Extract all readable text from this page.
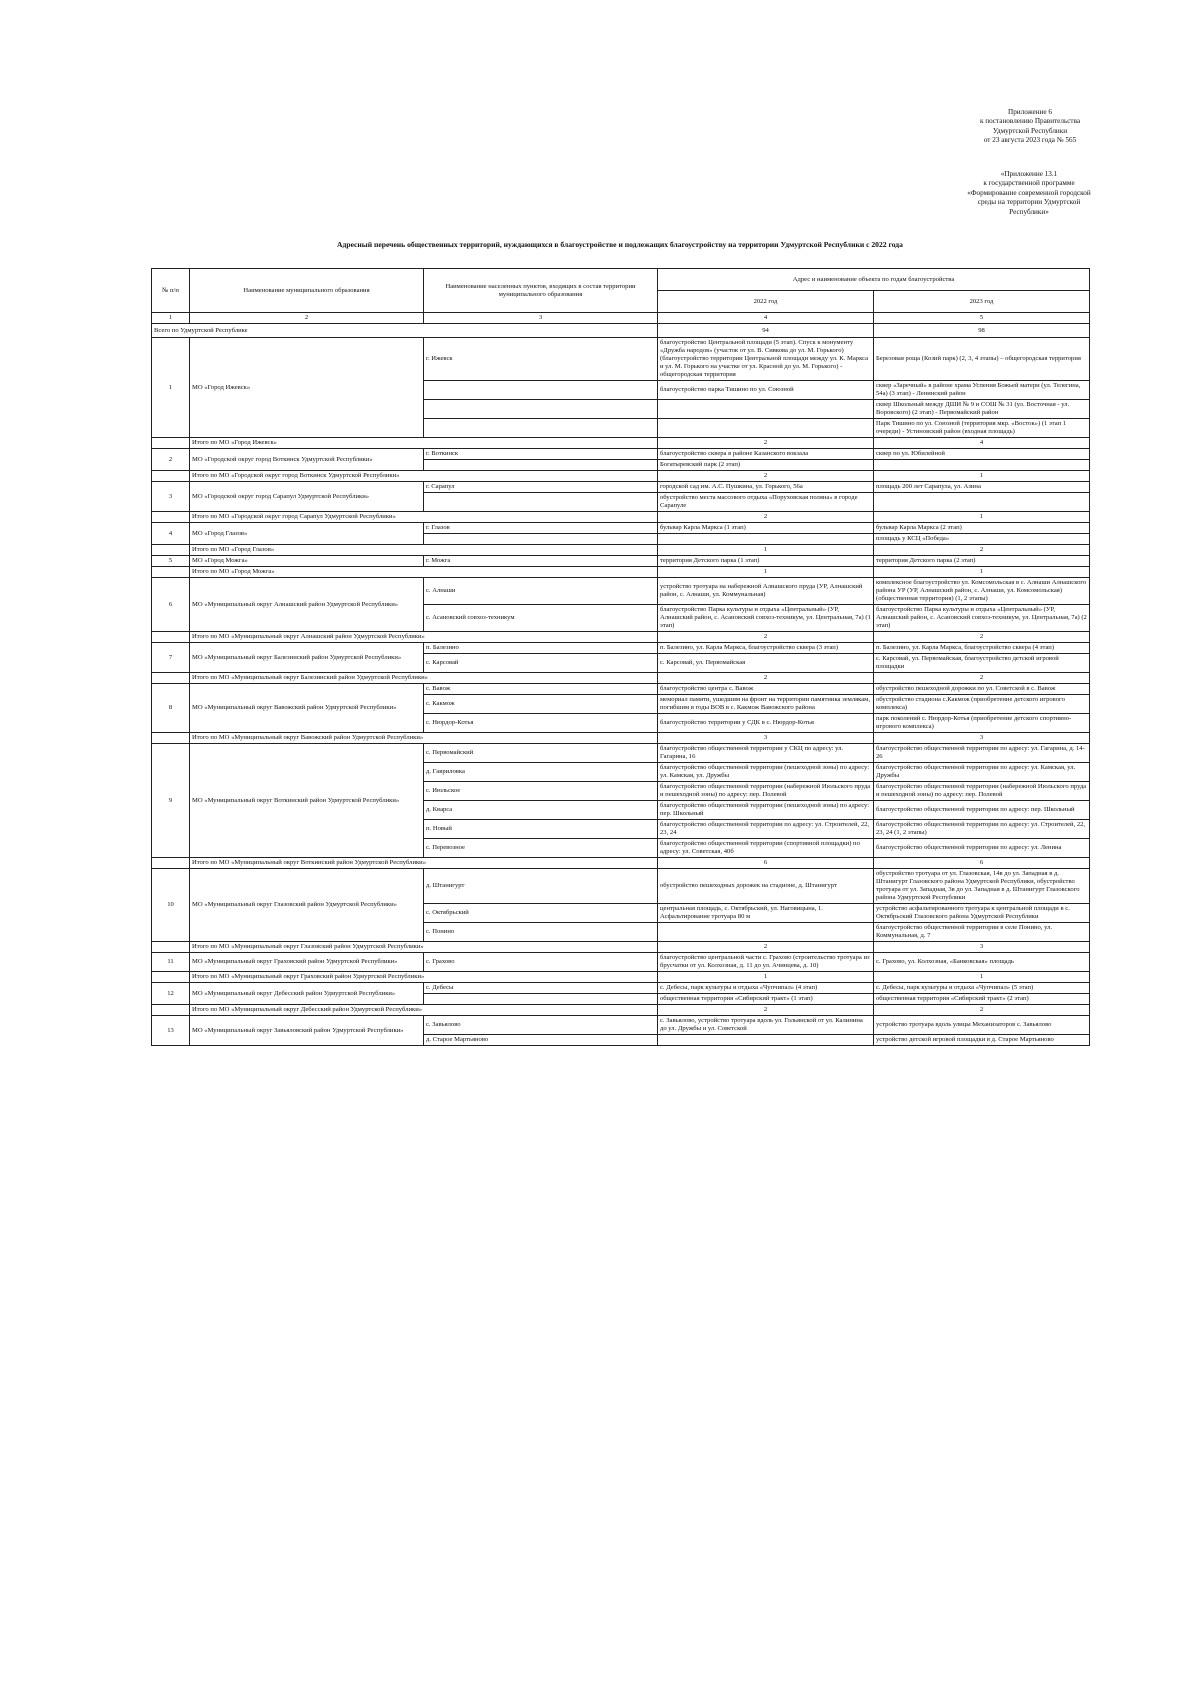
Приложение 6
к постановлению Правительства
Удмуртской Республики
от 23 августа 2023 года № 565
«Приложение 13.1
к государственной программе
«Формирование современной городской
среды на территории Удмуртской
Республики»
Адресный перечень общественных территорий, нуждающихся в благоустройстве и подлежащих благоустройству на территории Удмуртской Республики с 2022 года
№ п/п	Наименование муниципального образования	Наименование населенных пунктов, входящих в состав территории муниципального образования	Адрес и наименование объекта по годам благоустройства	
			2022 год	2023 год
1	2	3	4	5
Всего по Удмуртской Республике			94	98
1	МО «Город Ижевск»	г. Ижевск	благоустройство Центральной площади (5 этап). Спуск к монументу «Дружба народов» (участок от ул. В. Сивкова до ул. М. Горького) (благоустройство территории Центральной площади между ул. К. Маркса и ул. М. Горького на участке от ул. Красной до ул. М. Горького) - общегородская территория	Березовая роща (Козий парк) (2, 3, 4 этапы) – общегородская территория
			благоустройство парка Тишино по ул. Союзной	сквер «Заречный» в районе храма Успения Божьей матери (ул. Телегина, 54а) (3 этап) - Ленинский район
				сквер Школьный между ДШИ № 9 и СОШ № 31 (ул. Восточная - ул. Воровского) (2 этап) - Первомайский район
				Парк Тишино по ул. Союзной (территория мкр. «Восток») (1 этап 1 очереди) - Устиновский район (входная площадь)
	Итого по МО «Город Ижевск»		2	4
2	МО «Городской округ город Воткинск Удмуртской Республики»	г. Воткинск	благоустройство сквера в районе Казанского вокзала	сквер по ул. Юбилейной
			Богатыревский парк (2 этап)	
	Итого по МО «Городской округ город Воткинск Удмуртской Республики»		2	1
3	МО «Городской округ город Сарапул Удмуртской Республики»	г. Сарапул	городской сад им. А.С. Пушкина, ул. Горького, 56а	площадь 200 лет Сарапула, ул. Азина
			обустройство места массового отдыха «Поруховская поляна» в городе Сарапуле	
	Итого по МО «Городской округ город Сарапул Удмуртской Республики»		2	1
4	МО «Город Глазов»	г. Глазов	бульвар Карла Маркса (1 этап)	бульвар Карла Маркса (2 этап)
				площадь у КСЦ «Победа»
	Итого по МО «Город Глазов»		1	2
5	МО «Город Можга»	г. Можга	территория Детского парка (1 этап)	территория Детского парка (2 этап)
	Итого по МО «Город Можга»		1	1
6	МО «Муниципальный округ Алнашский район Удмуртской Республики»	с. Алнаши	устройство тротуара на набережной Алнашского пруда (УР, Алнашский район, с. Алнаши, ул. Коммунальная)	комплексное благоустройство ул. Комсомольская в с. Алнаши Алнашского района УР (УР, Алнашский район, с. Алнаши, ул. Комсомольская) (общественная территория) (1, 2 этапы)
		с. Асановский совхоз-техникум	благоустройство Парка культуры и отдыха «Центральный» (УР, Алнашский район, с. Асановский совхоз-техникум, ул. Центральная, 7а) (1 этап)	благоустройство Парка культуры и отдыха «Центральный» (УР, Алнашский район, с. Асановский совхоз-техникум, ул. Центральная, 7а) (2 этап)
	Итого по МО «Муниципальный округ Алнашский район Удмуртской Республики»		2	2
7	МО «Муниципальный округ Балезинский район Удмуртской Республики»	п. Балезино	п. Балезино, ул. Карла Маркса, благоустройство сквера (3 этап)	п. Балезино, ул. Карла Маркса, благоустройство сквера (4 этап)
		с. Карсовай	с. Карсовай, ул. Первомайская	с. Карсовай, ул. Первомайская, благоустройство детской игровой площадки
	Итого по МО «Муниципальный округ Балезинский район Удмуртской Республики»		2	2
8	МО «Муниципальный округ Вавожский район Удмуртской Республики»	с. Вавож	благоустройство центра с. Вавож	обустройство пешеходной дорожки по ул. Советской в с. Вавож
		с. Какмож	мемориал памяти, ушедшим на фронт на территории памятника землякам, погибшим в годы ВОВ в с. Какмож Вавожского района	обустройство стадиона с.Какмож (приобретение детского игрового комплекса)
		с. Нюрдор-Котья	благоустройство территории у СДК в с. Нюрдор-Котья	парк поколений с. Нюрдор-Котья (приобретение детского спортивно-игрового комплекса)
	Итого по МО «Муниципальный округ Вавожский район Удмуртской Республики»		3	3
9	МО «Муниципальный округ Воткинский район Удмуртской Республики»	с. Первомайский	благоустройство общественной территории у СКЦ по адресу: ул. Гагарина, 16	благоустройство общественной территории по адресу: ул. Гагарина, д. 14-26
		д. Гавриловка	благоустройство общественной территории (пешеходной зоны) по адресу: ул. Камская, ул. Дружбы	благоустройство общественной территории по адресу: ул. Камская, ул. Дружбы
		с. Июльское	благоустройство общественной территории (набережной Июльского пруда и пешеходной зоны) по адресу: пер. Полевой	благоустройство общественной территории (набережной Июльского пруда и пешеходной зоны) по адресу: пер. Полевой
		д. Кварса	благоустройство общественной территории (пешеходной зоны) по адресу: пер. Школьный	благоустройство общественной территории по адресу: пер. Школьный
		п. Новый	благоустройство общественной территории по адресу: ул. Строителей, 22, 23, 24	благоустройство общественной территории по адресу: ул. Строителей, 22, 23, 24 (1, 2 этапы)
		с. Перевозное	благоустройство общественной территории (спортивной площадки) по адресу: ул. Советская, 40б	благоустройство общественной территории по адресу: ул. Ленина
	Итого по МО «Муниципальный округ Воткинский район Удмуртской Республики»		6	6
10	МО «Муниципальный округ Глазовский район Удмуртской Республики»	д. Штанигурт	обустройство пешеходных дорожек на стадионе, д. Штанигурт	обустройство тротуара от ул. Глазовская, 14в до ул. Западная в д. Штанигурт Глазовского района Удмуртской Республики, обустройство тротуара от ул. Западная, 3в до ул. Западная в д. Штанигурт Глазовского района Удмуртской Республики
		с. Октябрьский	центральная площадь, с. Октябрьский, ул. Наговицына, 1. Асфальтирование тротуара 80 м	устройство асфальтированного тротуара к центральной площади в с. Октябрьский Глазовского района Удмуртской Республики
		с. Понино		благоустройство общественной территории в селе Понино, ул. Коммунальная, д. 7
	Итого по МО «Муниципальный округ Глазовский район Удмуртской Республики»		2	3
11	МО «Муниципальный округ Граховский район Удмуртской Республики»	с. Грахово	благоустройство центральной части с. Грахово (строительство тротуара из брусчатки от ул. Колхозная, д. 11 до ул. Ачинцева, д. 10)	с. Грахово, ул. Колхозная, «Банковская» площадь
	Итого по МО «Муниципальный округ Граховский район Удмуртской Республики»		1	1
12	МО «Муниципальный округ Дебесский район Удмуртской Республики»	с. Дебесы	с. Дебесы, парк культуры и отдыха «Чупчипал» (4 этап)	с. Дебесы, парк культуры и отдыха «Чупчипал» (5 этап)
			общественная территория «Сибирский тракт» (1 этап)	общественная территория «Сибирский тракт» (2 этап)
	Итого по МО «Муниципальный округ Дебесский район Удмуртской Республики»		2	2
13	МО «Муниципальный округ Завьяловский район Удмуртской Республики»	с. Завьялово	с. Завьялово, устройство тротуара вдоль ул. Гольянской от ул. Калинина до ул. Дружбы и ул. Советской	устройство тротуара вдоль улицы Механизаторов с. Завьялово
		д. Старое Мартьяново		устройство детской игровой площадки в д. Старое Мартьяново
